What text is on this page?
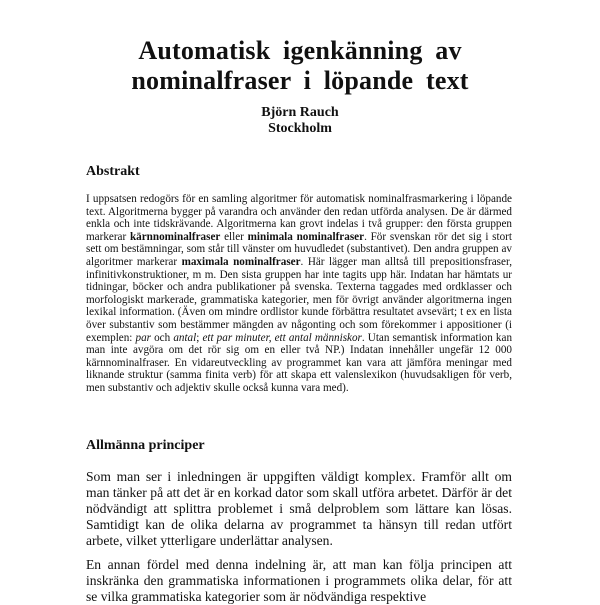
Automatisk igenkänning av
nominalfraser i löpande text
Björn Rauch
Stockholm
Abstrakt

I uppsatsen redogörs för en samling algoritmer för automatisk nominalfrasmarkering i löpande text. Algoritmerna bygger på varandra och använder den redan utförda analysen. De är därmed enkla och inte tidskrävande. Algoritmerna kan grovt indelas i två grupper: den första gruppen markerar kärnnominalfraser eller minimala nominalfraser. För svenskan rör det sig i stort sett om bestämningar, som står till vänster om huvudledet (substantivet). Den andra gruppen av algoritmer markerar maximala nominalfraser. Här lägger man alltså till prepositionsfraser, infinitivkonstruktioner, m m. Den sista gruppen har inte tagits upp här. Indatan har hämtats ur tidningar, böcker och andra publikationer på svenska. Texterna taggades med ordklasser och morfologiskt markerade, grammatiska kategorier, men för övrigt använder algoritmerna ingen lexikal information. (Även om mindre ordlistor kunde förbättra resultatet avsevärt; t ex en lista över substantiv som bestämmer mängden av någonting och som förekommer i appositioner (i exemplen: par och antal; ett par minuter, ett antal människor. Utan semantisk information kan man inte avgöra om det rör sig om en eller två NP.) Indatan innehåller ungefär 12 000 kärnnominalfraser. En vidareutveckling av programmet kan vara att jämföra meningar med liknande struktur (samma finita verb) för att skapa ett valenslexikon (huvudsakligen för verb, men substantiv och adjektiv skulle också kunna vara med).

Allmänna principer

Som man ser i inledningen är uppgiften väldigt komplex. Framför allt om man tänker på att det är en korkad dator som skall utföra arbetet. Därför är det nödvändigt att splittra problemet i små delproblem som lättare kan lösas. Samtidigt kan de olika delarna av programmet ta hänsyn till redan utfört arbete, vilket ytterligare underlättar analysen.

En annan fördel med denna indelning är, att man kan följa principen att inskränka den grammatiska informationen i programmets olika delar, för att se vilka grammatiska kategorier som är nödvändiga respektive
